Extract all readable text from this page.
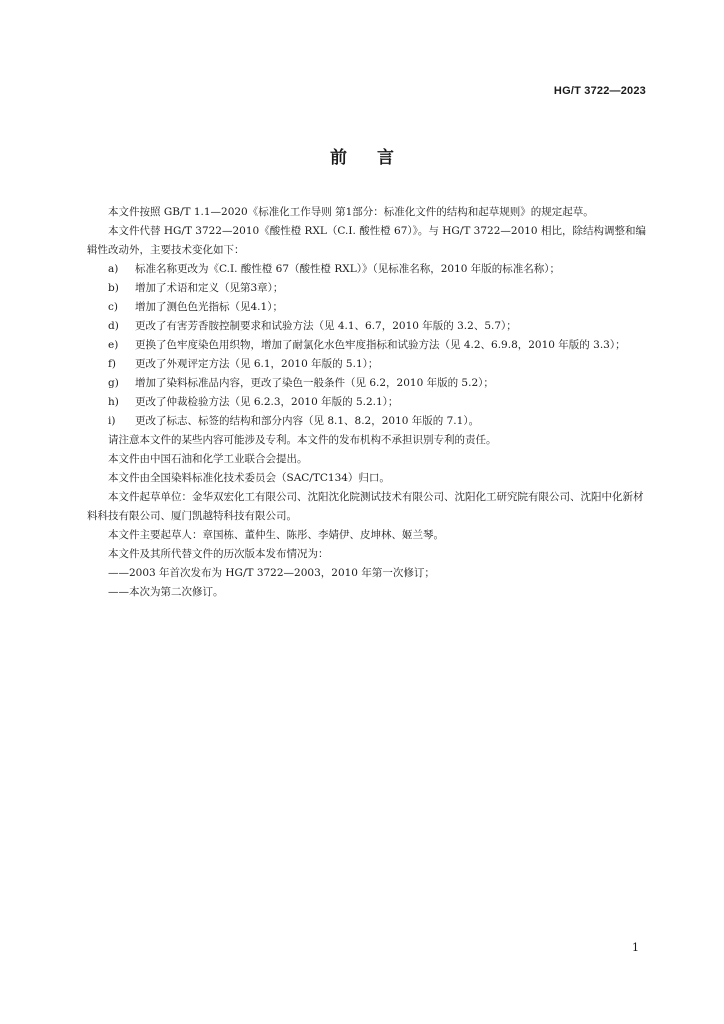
HG/T 3722—2023
前言

本文件按照 GB/T 1.1—2020《标准化工作导则 第1部分：标准化文件的结构和起草规则》的规定起草。

本文件代替 HG/T 3722—2010《酸性橙 RXL（C.I. 酸性橙 67）》。与 HG/T 3722—2010 相比，除结构调整和编辑性改动外，主要技术变化如下：

a)	标准名称更改为《C.I. 酸性橙 67（酸性橙 RXL）》（见标准名称，2010 年版的标准名称）；
b)	增加了术语和定义（见第3章）；
c)	增加了测色色光指标（见4.1）；
d)	更改了有害芳香胺控制要求和试验方法（见 4.1、6.7，2010 年版的 3.2、5.7）；
e)	更换了色牢度染色用织物，增加了耐氯化水色牢度指标和试验方法（见 4.2、6.9.8，2010 年版的 3.3）；
f)	更改了外观评定方法（见 6.1，2010 年版的 5.1）；
g)	增加了染料标准品内容，更改了染色一般条件（见 6.2，2010 年版的 5.2）；
h)	更改了仲裁检验方法（见 6.2.3，2010 年版的 5.2.1）；
i)	更改了标志、标签的结构和部分内容（见 8.1、8.2，2010 年版的 7.1）。

请注意本文件的某些内容可能涉及专利。本文件的发布机构不承担识别专利的责任。

本文件由中国石油和化学工业联合会提出。

本文件由全国染料标准化技术委员会（SAC/TC134）归口。

本文件起草单位：金华双宏化工有限公司、沈阳沈化院测试技术有限公司、沈阳化工研究院有限公司、沈阳中化新材料科技有限公司、厦门凯越特科技有限公司。

本文件主要起草人：章国栋、董仲生、陈彤、李婧伊、皮坤林、姬兰琴。

本文件及其所代替文件的历次版本发布情况为：

——2003 年首次发布为 HG/T 3722—2003，2010 年第一次修订；

——本次为第二次修订。

1
